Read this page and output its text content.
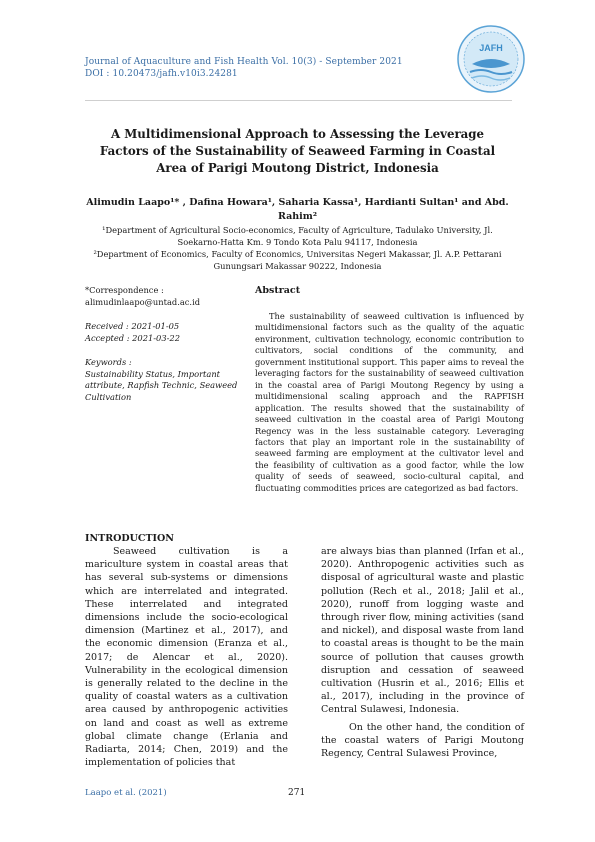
Journal of Aquaculture and Fish Health Vol. 10(3) - September 2021
DOI : 10.20473/jafh.v10i3.24281
JAFH
A Multidimensional Approach to Assessing the Leverage Factors of the Sustainability of Seaweed Farming in Coastal Area of Parigi Moutong District, Indonesia
Alimudin Laapo¹* , Dafina Howara¹, Saharia Kassa¹, Hardianti Sultan¹ and Abd. Rahim²
¹Department of Agricultural Socio-economics, Faculty of Agriculture, Tadulako University, Jl. Soekarno-Hatta Km. 9 Tondo Kota Palu 94117, Indonesia
²Department of Economics, Faculty of Economics, Universitas Negeri Makassar, Jl. A.P. Pettarani Gunungsari Makassar 90222, Indonesia
*Correspondence :
alimudinlaapo@untad.ac.id
Received : 2021-01-05
Accepted : 2021-03-22
Keywords :
Sustainability Status, Important attribute, Rapfish Technic, Seaweed Cultivation
Abstract
The sustainability of seaweed cultivation is influenced by multidimensional factors such as the quality of the aquatic environment, cultivation technology, economic contribution to cultivators, social conditions of the community, and government institutional support. This paper aims to reveal the leveraging factors for the sustainability of seaweed cultivation in the coastal area of Parigi Moutong Regency by using a multidimensional scaling approach and the RAPFISH application. The results showed that the sustainability of seaweed cultivation in the coastal area of Parigi Moutong Regency was in the less sustainable category. Leveraging factors that play an important role in the sustainability of seaweed farming are employment at the cultivator level and the feasibility of cultivation as a good factor, while the low quality of seeds of seaweed, socio-cultural capital, and fluctuating commodities prices are categorized as bad factors.
INTRODUCTION

Seaweed cultivation is a mariculture system in coastal areas that has several sub-systems or dimensions which are interrelated and integrated. These interrelated and integrated dimensions include the socio-ecological dimension (Martinez et al., 2017), and the economic dimension (Eranza et al., 2017; de Alencar et al., 2020). Vulnerability in the ecological dimension is generally related to the decline in the quality of coastal waters as a cultivation area caused by anthropogenic activities on land and coast as well as extreme global climate change (Erlania and Radiarta, 2014; Chen, 2019) and the implementation of policies that

are always bias than planned (Irfan et al., 2020). Anthropogenic activities such as disposal of agricultural waste and plastic pollution (Rech et al., 2018; Jalil et al., 2020), runoff from logging waste and through river flow, mining activities (sand and nickel), and disposal waste from land to coastal areas is thought to be the main source of pollution that causes growth disruption and cessation of seaweed cultivation (Husrin et al., 2016; Ellis et al., 2017), including in the province of Central Sulawesi, Indonesia.

On the other hand, the condition of the coastal waters of Parigi Moutong Regency, Central Sulawesi Province,

Laapo et al. (2021)	271
